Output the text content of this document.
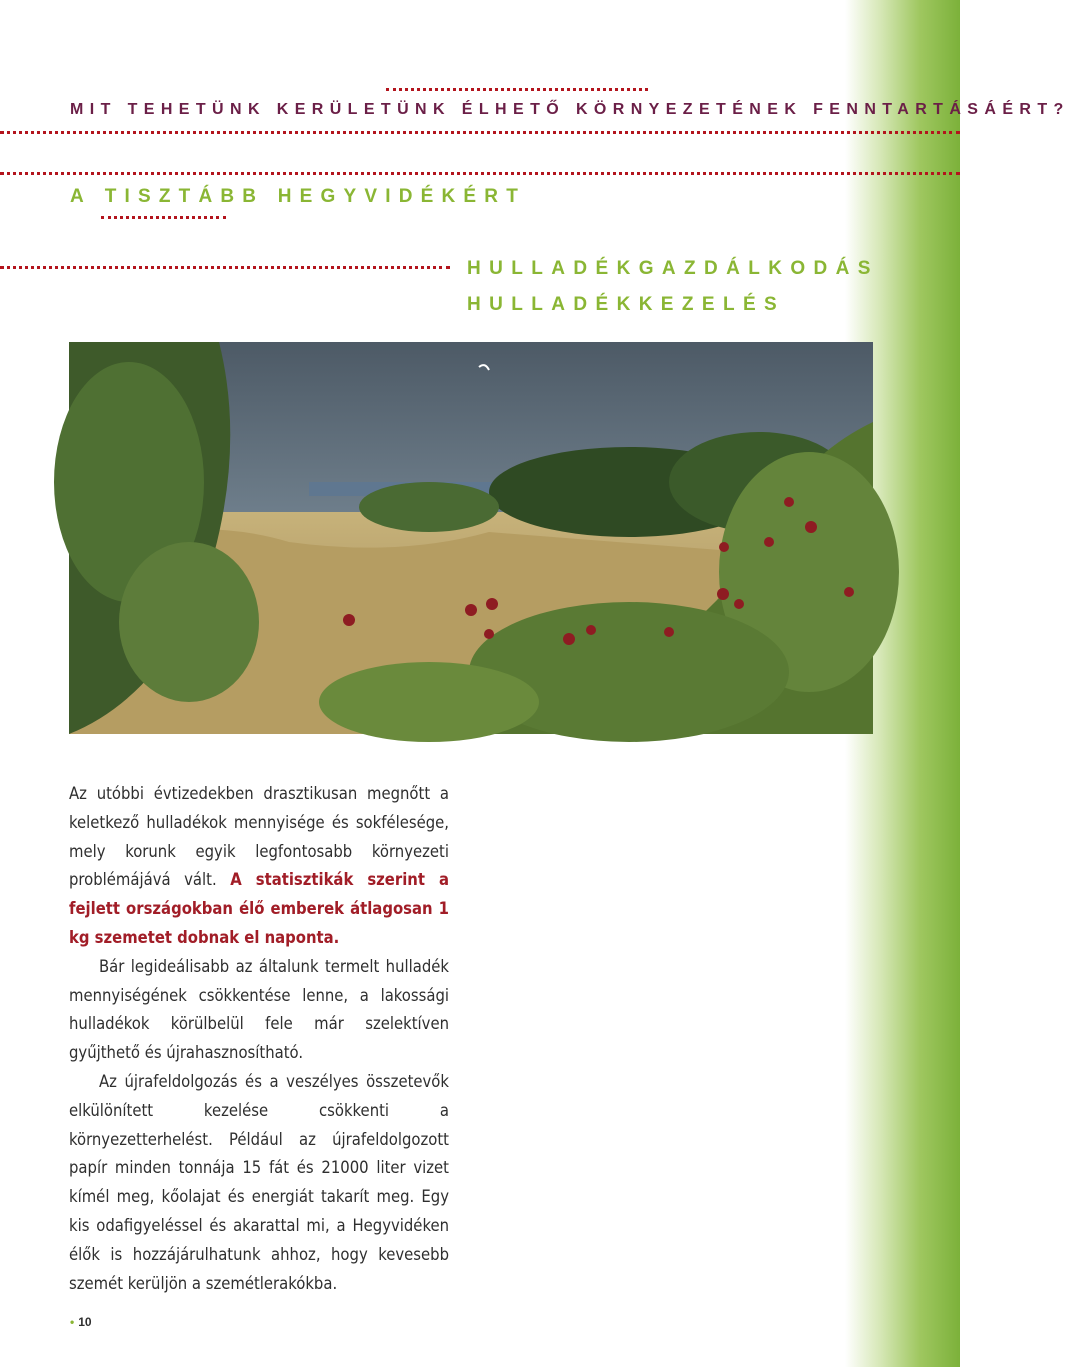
MIT TEHETÜNK KERÜLETÜNK ÉLHETŐ KÖRNYEZETÉNEK FENNTARTÁSÁÉRT?
A TISZTÁBB HEGYVIDÉKÉRT
HULLADÉKGAZDÁLKODÁS
HULLADÉKKEZELÉS

Az utóbbi évtizedekben drasztikusan megnőtt a keletkező hulladékok mennyisége és sokfélesége, mely korunk egyik legfontosabb környezeti problémájává vált. A statisztikák szerint a fejlett országokban élő emberek átlagosan 1 kg szemetet dobnak el naponta.

Bár legideálisabb az általunk termelt hulladék mennyiségének csökkentése lenne, a lakossági hulladékok körülbelül fele már szelektíven gyűjthető és újrahasznosítható.

Az újrafeldolgozás és a veszélyes összetevők elkülönített kezelése csökkenti a környezetterhelést. Például az újrafeldolgozott papír minden tonnája 15 fát és 21000 liter vizet kímél meg, kőolajat és energiát takarít meg. Egy kis odafigyeléssel és akarattal mi, a Hegyvidéken élők is hozzájárulhatunk ahhoz, hogy kevesebb szemét kerüljön a szemétlerakókba.

• 10
